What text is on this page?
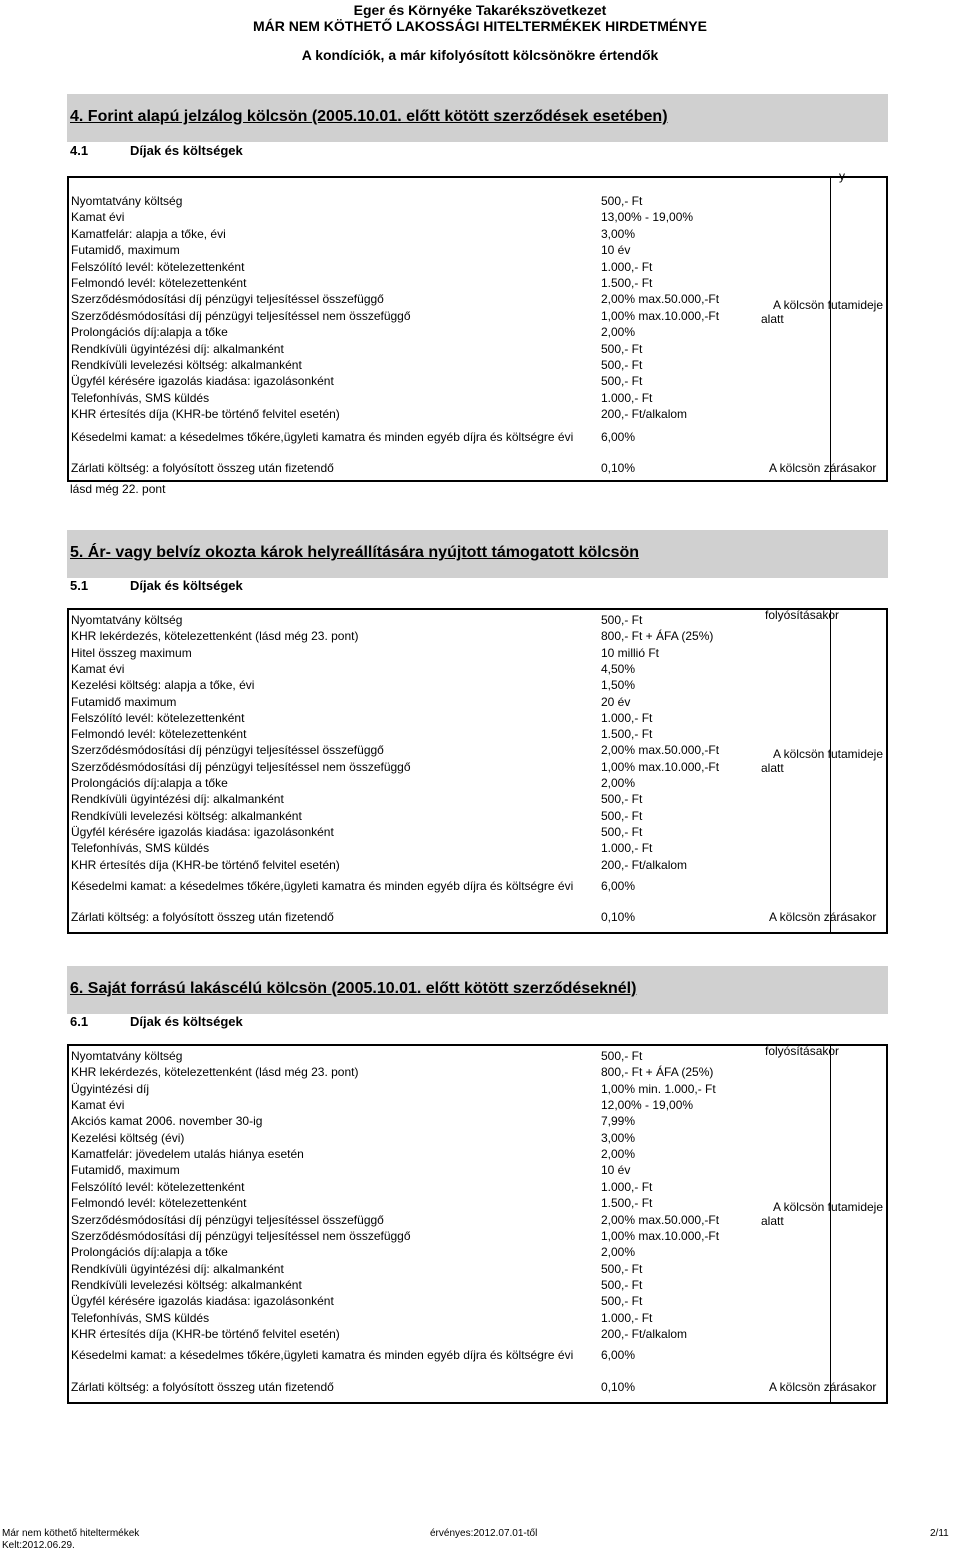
Eger és Környéke Takarékszövetkezet
MÁR NEM KÖTHETŐ LAKOSSÁGI HITELTERMÉKEK HIRDETMÉNYE
A kondíciók, a már kifolyósított kölcsönökre értendők
4. Forint alapú jelzálog kölcsön (2005.10.01. előtt kötött szerződések esetében)
4.1	Díjak és költségek
Nyomtatvány költség	500,- Ft
Kamat évi	13,00% - 19,00%
Kamatfelár: alapja a tőke, évi	3,00%
Futamidő, maximum	10 év
Felszólító levél: kötelezettenként	1.000,- Ft
Felmondó levél: kötelezettenként	1.500,- Ft
Szerződésmódosítási díj pénzügyi teljesítéssel összefüggő	2,00% max.50.000,-Ft
Szerződésmódosítási díj pénzügyi teljesítéssel nem összefüggő	1,00% max.10.000,-Ft
Prolongációs díj:alapja a tőke	2,00%
Rendkívüli ügyintézési díj: alkalmanként	500,- Ft
Rendkívüli levelezési költség: alkalmanként	500,- Ft
Ügyfél kérésére igazolás kiadása: igazolásonként	500,- Ft
Telefonhívás, SMS küldés	1.000,- Ft
KHR értesítés díja (KHR-be történő felvitel esetén)	200,- Ft/alkalom
y
A kölcsön futamideje
alatt
Késedelmi kamat: a késedelmes tőkére,ügyleti kamatra és minden egyéb díjra és költségre évi 6,00%
Zárlati költség: a folyósított összeg után fizetendő	0,10%	A kölcsön zárásakor
lásd még 22. pont
5. Ár- vagy belvíz okozta károk helyreállítására nyújtott támogatott kölcsön
5.1	Díjak és költségek
Nyomtatvány költség	500,- Ft
KHR lekérdezés, kötelezettenként (lásd még 23. pont)	800,- Ft + ÁFA (25%)
Hitel összeg maximum	10 millió Ft
Kamat évi	4,50%
Kezelési költség: alapja a tőke, évi	1,50%
Futamidő maximum	20 év
Felszólító levél: kötelezettenként	1.000,- Ft
Felmondó levél: kötelezettenként	1.500,- Ft
Szerződésmódosítási díj pénzügyi teljesítéssel összefüggő	2,00% max.50.000,-Ft
Szerződésmódosítási díj pénzügyi teljesítéssel nem összefüggő	1,00% max.10.000,-Ft
Prolongációs díj:alapja a tőke	2,00%
Rendkívüli ügyintézési díj: alkalmanként	500,- Ft
Rendkívüli levelezési költség: alkalmanként	500,- Ft
Ügyfél kérésére igazolás kiadása: igazolásonként	500,- Ft
Telefonhívás, SMS küldés	1.000,- Ft
KHR értesítés díja (KHR-be történő felvitel esetén)	200,- Ft/alkalom
folyósításakor
A kölcsön futamideje
alatt
Késedelmi kamat: a késedelmes tőkére,ügyleti kamatra és minden egyéb díjra és költségre évi 6,00%
Zárlati költség: a folyósított összeg után fizetendő	0,10%	A kölcsön zárásakor
6. Saját forrású lakáscélú kölcsön (2005.10.01. előtt kötött szerződéseknél)
6.1	Díjak és költségek
Nyomtatvány költség	500,- Ft
KHR lekérdezés, kötelezettenként (lásd még 23. pont)	800,- Ft + ÁFA (25%)
Ügyintézési díj	1,00% min. 1.000,- Ft
Kamat évi	12,00% - 19,00%
Akciós kamat 2006. november 30-ig	7,99%
Kezelési költség (évi)	3,00%
Kamatfelár: jövedelem utalás hiánya esetén	2,00%
Futamidő, maximum	10 év
Felszólító levél: kötelezettenként	1.000,- Ft
Felmondó levél: kötelezettenként	1.500,- Ft
Szerződésmódosítási díj pénzügyi teljesítéssel összefüggő	2,00% max.50.000,-Ft
Szerződésmódosítási díj pénzügyi teljesítéssel nem összefüggő	1,00% max.10.000,-Ft
Prolongációs díj:alapja a tőke	2,00%
Rendkívüli ügyintézési díj: alkalmanként	500,- Ft
Rendkívüli levelezési költség: alkalmanként	500,- Ft
Ügyfél kérésére igazolás kiadása: igazolásonként	500,- Ft
Telefonhívás, SMS küldés	1.000,- Ft
KHR értesítés díja (KHR-be történő felvitel esetén)	200,- Ft/alkalom
folyósításakor
A kölcsön futamideje
alatt
Késedelmi kamat: a késedelmes tőkére,ügyleti kamatra és minden egyéb díjra és költségre évi 6,00%
Zárlati költség: a folyósított összeg után fizetendő	0,10%	A kölcsön zárásakor
Már nem köthető hiteltermékek
Kelt:2012.06.29.
érvényes:2012.07.01-től	2/11
